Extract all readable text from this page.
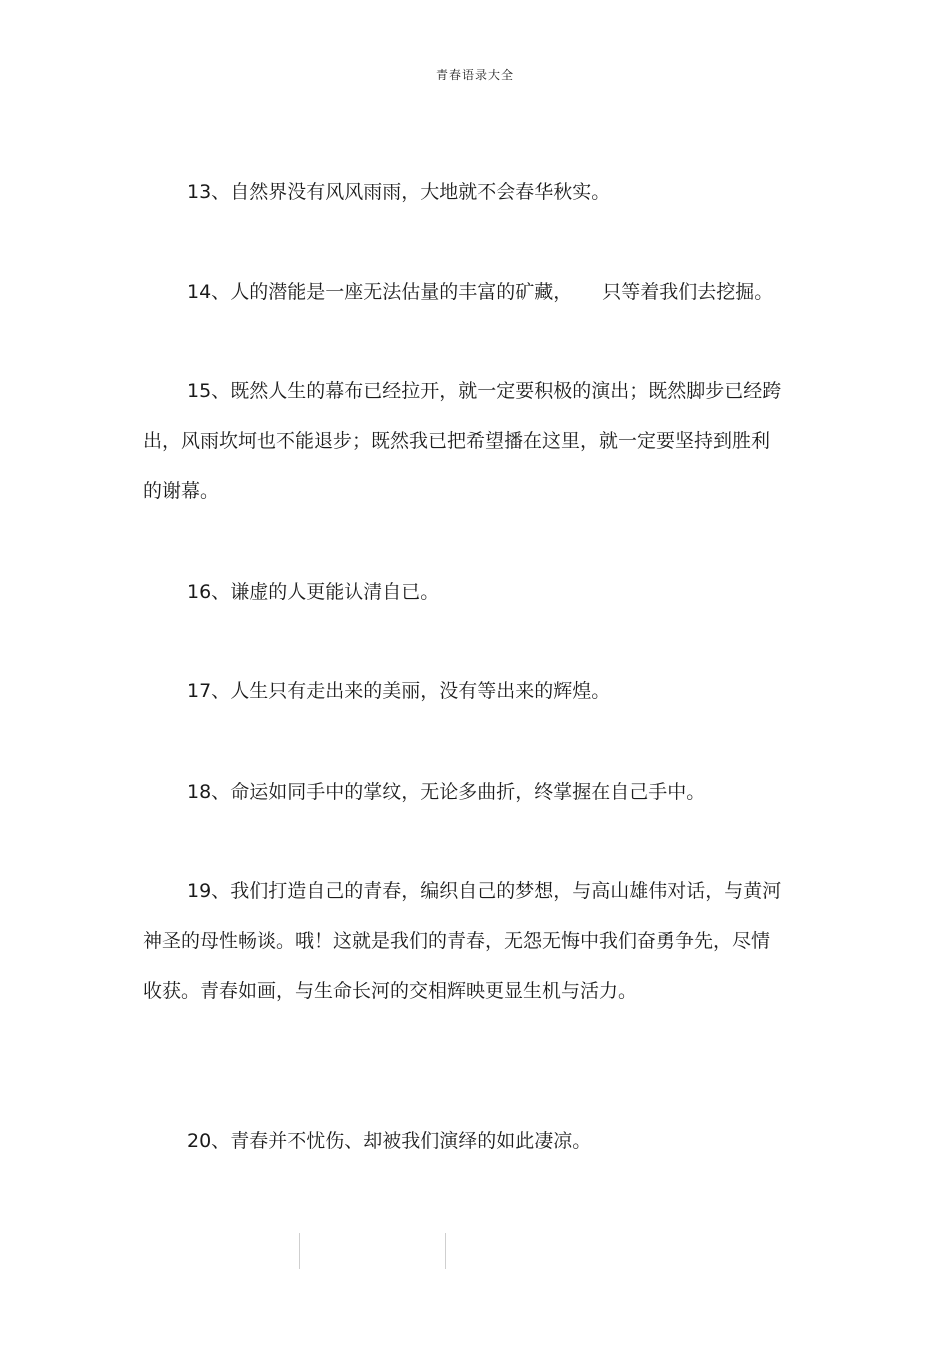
青春语录大全
13、自然界没有风风雨雨，大地就不会春华秋实。
14、人的潜能是一座无法估量的丰富的矿藏， 只等着我们去挖掘。
15、既然人生的幕布已经拉开，就一定要积极的演出；既然脚步已经跨出，风雨坎坷也不能退步；既然我已把希望播在这里，就一定要坚持到胜利的谢幕。
16、谦虚的人更能认清自已。
17、人生只有走出来的美丽，没有等出来的辉煌。
18、命运如同手中的掌纹，无论多曲折，终掌握在自己手中。
19、我们打造自己的青春，编织自己的梦想，与高山雄伟对话，与黄河神圣的母性畅谈。哦！这就是我们的青春，无怨无悔中我们奋勇争先，尽情收获。青春如画，与生命长河的交相辉映更显生机与活力。
20、青春并不忧伤、却被我们演绎的如此凄凉。
